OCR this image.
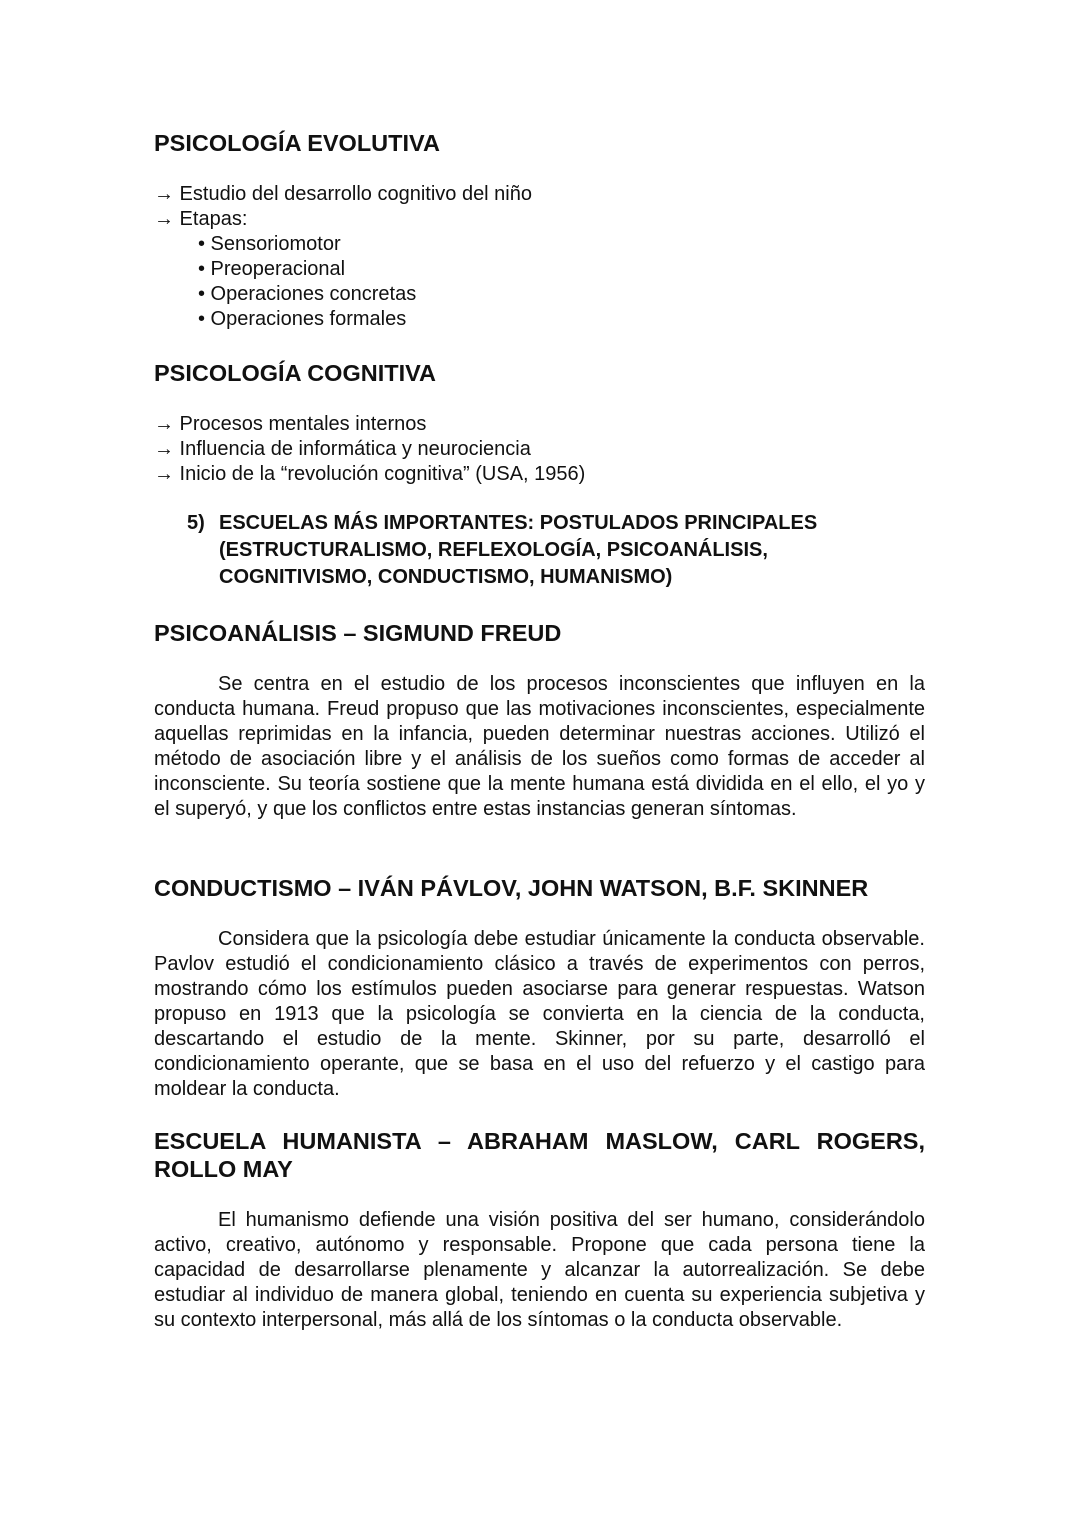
PSICOLOGÍA EVOLUTIVA
→ Estudio del desarrollo cognitivo del niño
→ Etapas:
• Sensoriomotor
• Preoperacional
• Operaciones concretas
• Operaciones formales
PSICOLOGÍA COGNITIVA
→ Procesos mentales internos
→ Influencia de informática y neurociencia
→ Inicio de la “revolución cognitiva” (USA, 1956)
5) ESCUELAS MÁS IMPORTANTES: POSTULADOS PRINCIPALES
(ESTRUCTURALISMO, REFLEXOLOGÍA, PSICOANÁLISIS,
COGNITIVISMO, CONDUCTISMO, HUMANISMO)
PSICOANÁLISIS – SIGMUND FREUD

Se centra en el estudio de los procesos inconscientes que influyen en la conducta humana. Freud propuso que las motivaciones inconscientes, especialmente aquellas reprimidas en la infancia, pueden determinar nuestras acciones. Utilizó el método de asociación libre y el análisis de los sueños como formas de acceder al inconsciente. Su teoría sostiene que la mente humana está dividida en el ello, el yo y el superyó, y que los conflictos entre estas instancias generan síntomas.

CONDUCTISMO – IVÁN PÁVLOV, JOHN WATSON, B.F. SKINNER

Considera que la psicología debe estudiar únicamente la conducta observable. Pavlov estudió el condicionamiento clásico a través de experimentos con perros, mostrando cómo los estímulos pueden asociarse para generar respuestas. Watson propuso en 1913 que la psicología se convierta en la ciencia de la conducta, descartando el estudio de la mente. Skinner, por su parte, desarrolló el condicionamiento operante, que se basa en el uso del refuerzo y el castigo para moldear la conducta.

ESCUELA HUMANISTA – ABRAHAM MASLOW, CARL ROGERS,
ROLLO MAY

El humanismo defiende una visión positiva del ser humano, considerándolo activo, creativo, autónomo y responsable. Propone que cada persona tiene la capacidad de desarrollarse plenamente y alcanzar la autorrealización. Se debe estudiar al individuo de manera global, teniendo en cuenta su experiencia subjetiva y su contexto interpersonal, más allá de los síntomas o la conducta observable.
